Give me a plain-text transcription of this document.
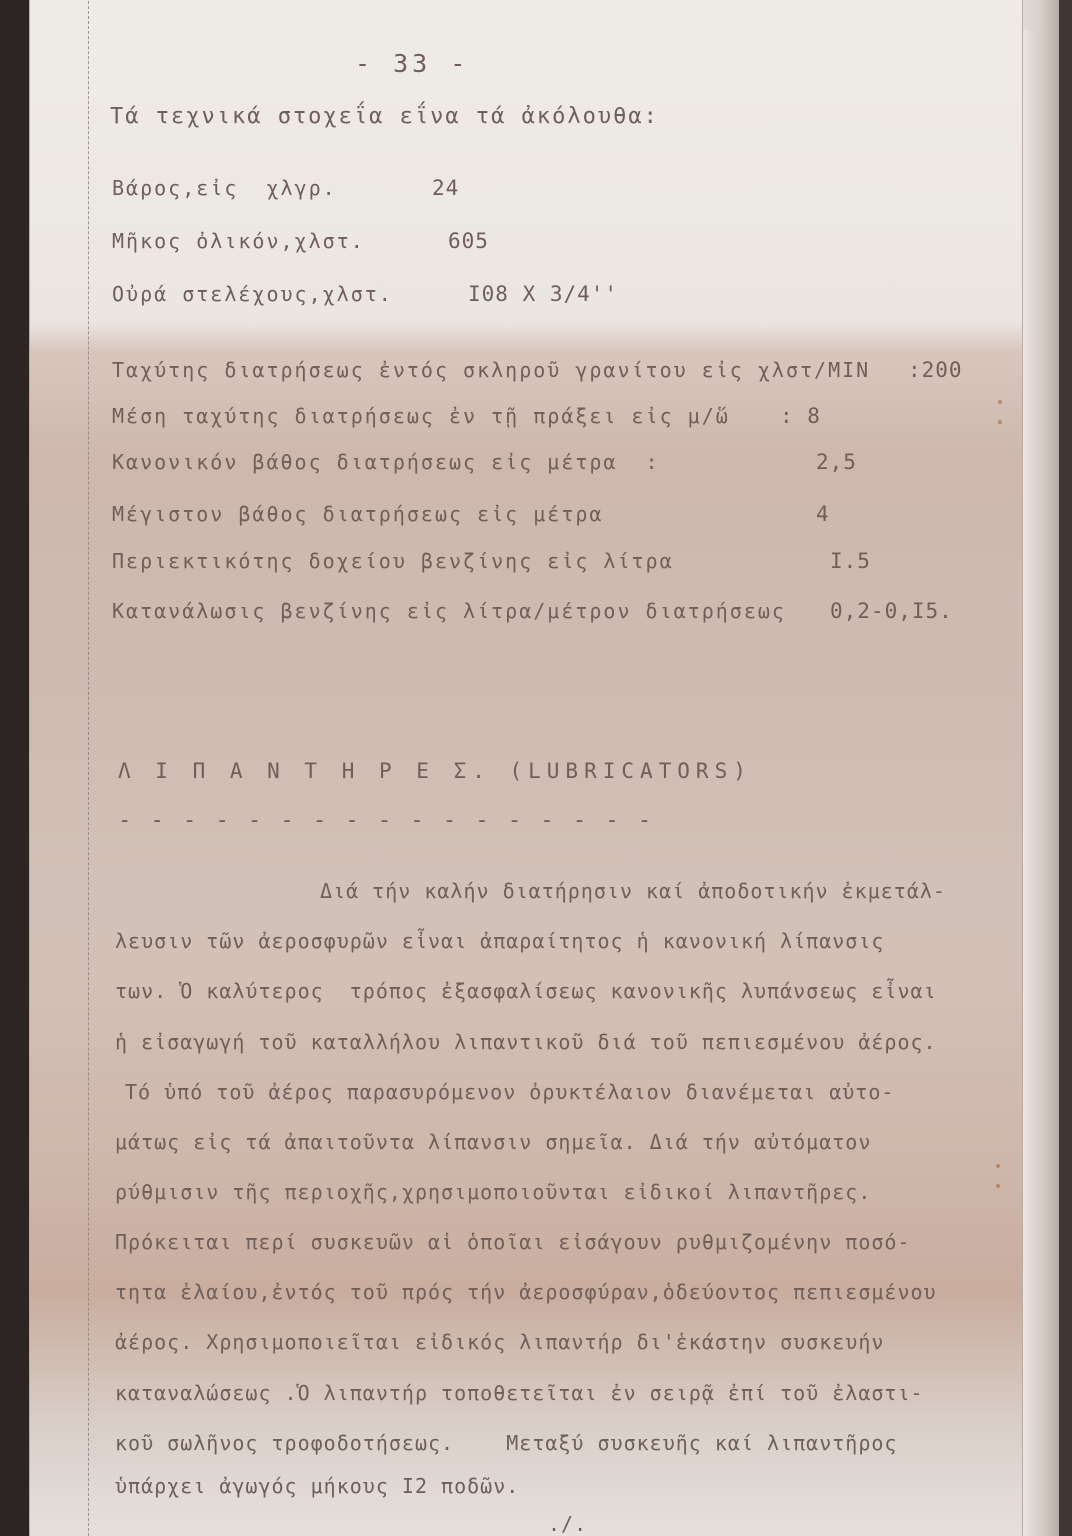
- 33 -
Τά τεχνικά στοχεΐα εΐνα τά ἀκόλουθα:
Βάρος,εἰς  χλγρ.	24
Μῆκος ὀλικόν,χλστ.	605
Οὐρά στελέχους,χλστ.	I08 X 3/4''
Ταχύτης διατρήσεως ἐντός σκληροῦ γρανίτου εἰς χλστ/MIN :200
Μέση ταχύτης διατρήσεως ἐν τῇ πράξει εἰς μ/ὥ : 8
Κανονικόν βάθος διατρήσεως εἰς μέτρα  :	2,5
Μέγιστον βάθος διατρήσεως εἰς μέτρα	4
Περιεκτικότης δοχείου βενζίνης εἰς λίτρα	I.5
Κατανάλωσις βενζίνης εἰς λίτρα/μέτρον διατρήσεως 0,2-0,I5.
Λ Ι Π Α Ν Τ Η Ρ Ε Σ. (LUBRICATORS)
- - - - - - - - - - - - - - - - -
Διά τήν καλήν διατήρησιν καί ἀποδοτικήν ἐκμετάλ-
λευσιν τῶν ἀεροσφυρῶν εἶναι ἀπαραίτητος ἡ κανονική λίπανσις
των. Ὁ καλύτερος  τρόπος ἐξασφαλίσεως κανονικῆς λυπάνσεως εἶναι
ἡ εἰσαγωγή τοῦ καταλλήλου λιπαντικοῦ διά τοῦ πεπιεσμένου ἀέρος.
Τό ὑπό τοῦ ἀέρος παρασυρόμενον ὀρυκτέλαιον διανέμεται αὐτο-
μάτως εἰς τά ἀπαιτοῦντα λίπανσιν σημεῖα. Διά τήν αὐτόματον
ρύθμισιν τῆς περιοχῆς,χρησιμοποιοῦνται εἰδικοί λιπαντῆρες.
Πρόκειται περί συσκευῶν αἱ ὁποῖαι εἰσάγουν ρυθμιζομένην ποσό-
τητα ἐλαίου,ἐντός τοῦ πρός τήν ἀεροσφύραν,ὁδεύοντος πεπιεσμένου
ἀέρος. Χρησιμοποιεῖται εἰδικός λιπαντήρ δι'ἑκάστην συσκευήν
καταναλώσεως .Ὁ λιπαντήρ τοποθετεῖται ἐν σειρᾷ ἐπί τοῦ ἐλαστι-
κοῦ σωλῆνος τροφοδοτήσεως.    Μεταξύ συσκευῆς καί λιπαντῆρος
ὑπάρχει ἀγωγός μήκους I2 ποδῶν.
./.
